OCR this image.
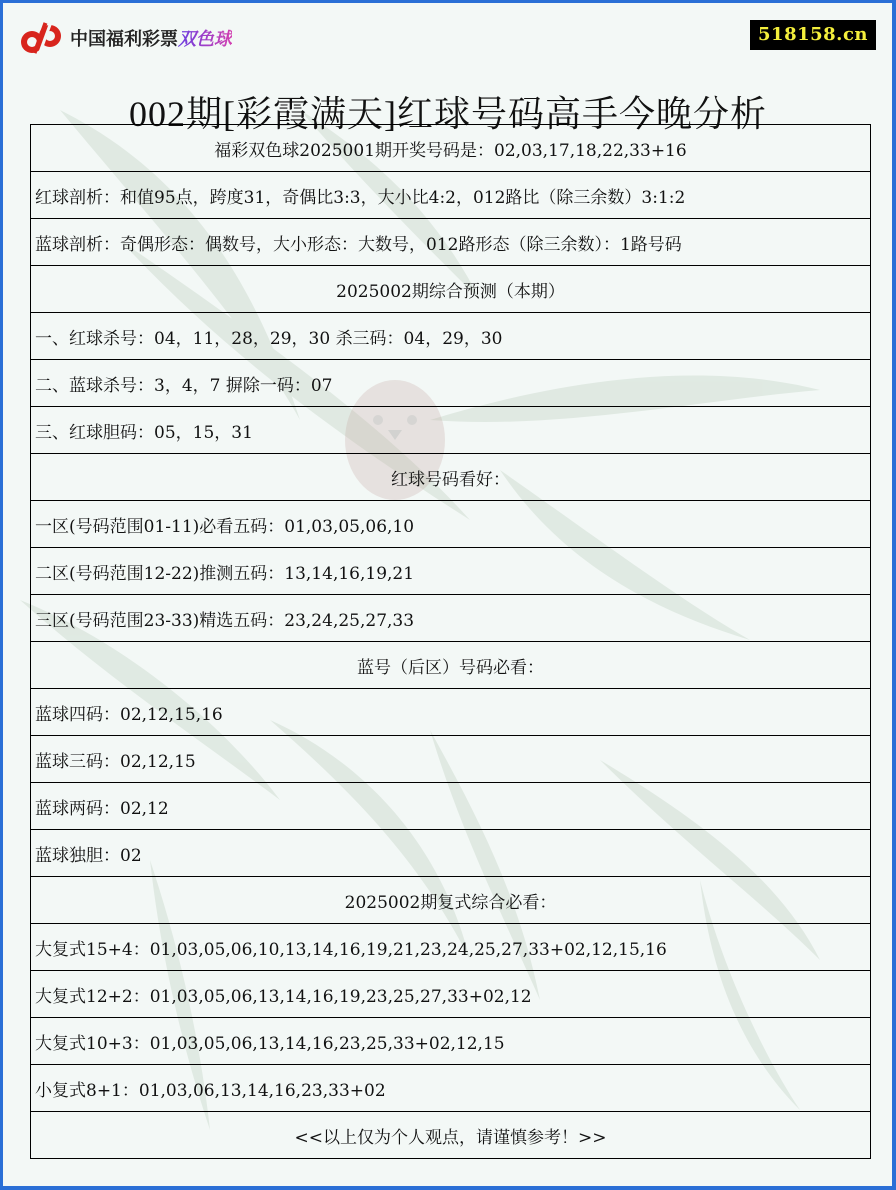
中国福利彩票双色球	518158.cn
002期[彩霞满天]红球号码高手今晚分析
福彩双色球2025001期开奖号码是：02,03,17,18,22,33+16
红球剖析：和值95点，跨度31，奇偶比3:3，大小比4:2，012路比（除三余数）3:1:2
蓝球剖析：奇偶形态：偶数号，大小形态：大数号，012路形态（除三余数）：1路号码
2025002期综合预测（本期）
一、红球杀号：04，11，28，29，30 杀三码：04，29，30
二、蓝球杀号：3，4，7 摒除一码：07
三、红球胆码：05，15，31
红球号码看好：
一区(号码范围01-11)必看五码：01,03,05,06,10
二区(号码范围12-22)推测五码：13,14,16,19,21
三区(号码范围23-33)精选五码：23,24,25,27,33
蓝号（后区）号码必看：
蓝球四码：02,12,15,16
蓝球三码：02,12,15
蓝球两码：02,12
蓝球独胆：02
2025002期复式综合必看：
大复式15+4：01,03,05,06,10,13,14,16,19,21,23,24,25,27,33+02,12,15,16
大复式12+2：01,03,05,06,13,14,16,19,23,25,27,33+02,12
大复式10+3：01,03,05,06,13,14,16,23,25,33+02,12,15
小复式8+1：01,03,06,13,14,16,23,33+02
<<以上仅为个人观点，请谨慎参考！>>
